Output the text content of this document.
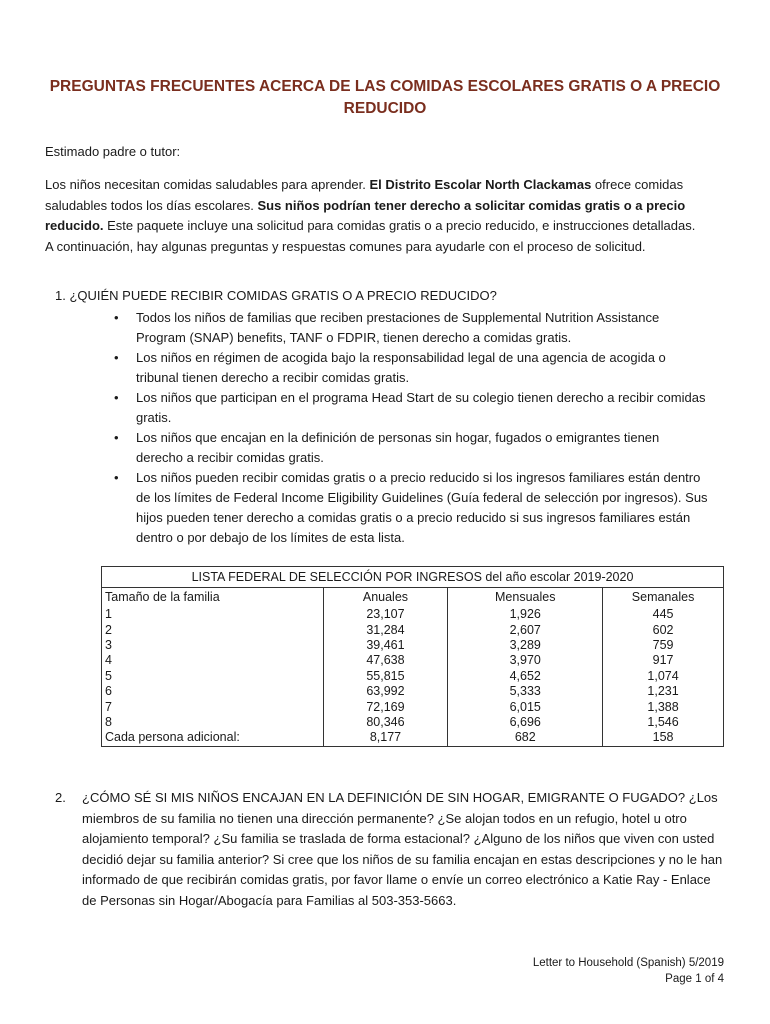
PREGUNTAS FRECUENTES ACERCA DE LAS COMIDAS ESCOLARES GRATIS O A PRECIO REDUCIDO
Estimado padre o tutor:
Los niños necesitan comidas saludables para aprender. El Distrito Escolar North Clackamas ofrece comidas saludables todos los días escolares. Sus niños podrían tener derecho a solicitar comidas gratis o a precio reducido. Este paquete incluye una solicitud para comidas gratis o a precio reducido, e instrucciones detalladas. A continuación, hay algunas preguntas y respuestas comunes para ayudarle con el proceso de solicitud.
1. ¿QUIÉN PUEDE RECIBIR COMIDAS GRATIS O A PRECIO REDUCIDO?
• Todos los niños de familias que reciben prestaciones de Supplemental Nutrition Assistance Program (SNAP) benefits, TANF o FDPIR, tienen derecho a comidas gratis.
• Los niños en régimen de acogida bajo la responsabilidad legal de una agencia de acogida o tribunal tienen derecho a recibir comidas gratis.
• Los niños que participan en el programa Head Start de su colegio tienen derecho a recibir comidas gratis.
• Los niños que encajan en la definición de personas sin hogar, fugados o emigrantes tienen derecho a recibir comidas gratis.
• Los niños pueden recibir comidas gratis o a precio reducido si los ingresos familiares están dentro de los límites de Federal Income Eligibility Guidelines (Guía federal de selección por ingresos). Sus hijos pueden tener derecho a comidas gratis o a precio reducido si sus ingresos familiares están dentro o por debajo de los límites de esta lista.
LISTA FEDERAL DE SELECCIÓN POR INGRESOS del año escolar 2019-2020			
Tamaño de la familia	Anuales	Mensuales	Semanales
1	23,107	1,926	445
2	31,284	2,607	602
3	39,461	3,289	759
4	47,638	3,970	917
5	55,815	4,652	1,074
6	63,992	5,333	1,231
7	72,169	6,015	1,388
8	80,346	6,696	1,546
Cada persona adicional:	8,177	682	158
2.	¿CÓMO SÉ SI MIS NIÑOS ENCAJAN EN LA DEFINICIÓN DE SIN HOGAR, EMIGRANTE O FUGADO? ¿Los miembros de su familia no tienen una dirección permanente? ¿Se alojan todos en un refugio, hotel u otro alojamiento temporal? ¿Su familia se traslada de forma estacional? ¿Alguno de los niños que viven con usted decidió dejar su familia anterior? Si cree que los niños de su familia encajan en estas descripciones y no le han informado de que recibirán comidas gratis, por favor llame o envíe un correo electrónico a Katie Ray - Enlace de Personas sin Hogar/Abogacía para Familias al 503-353-5663.
Letter to Household (Spanish) 5/2019
Page 1 of 4
